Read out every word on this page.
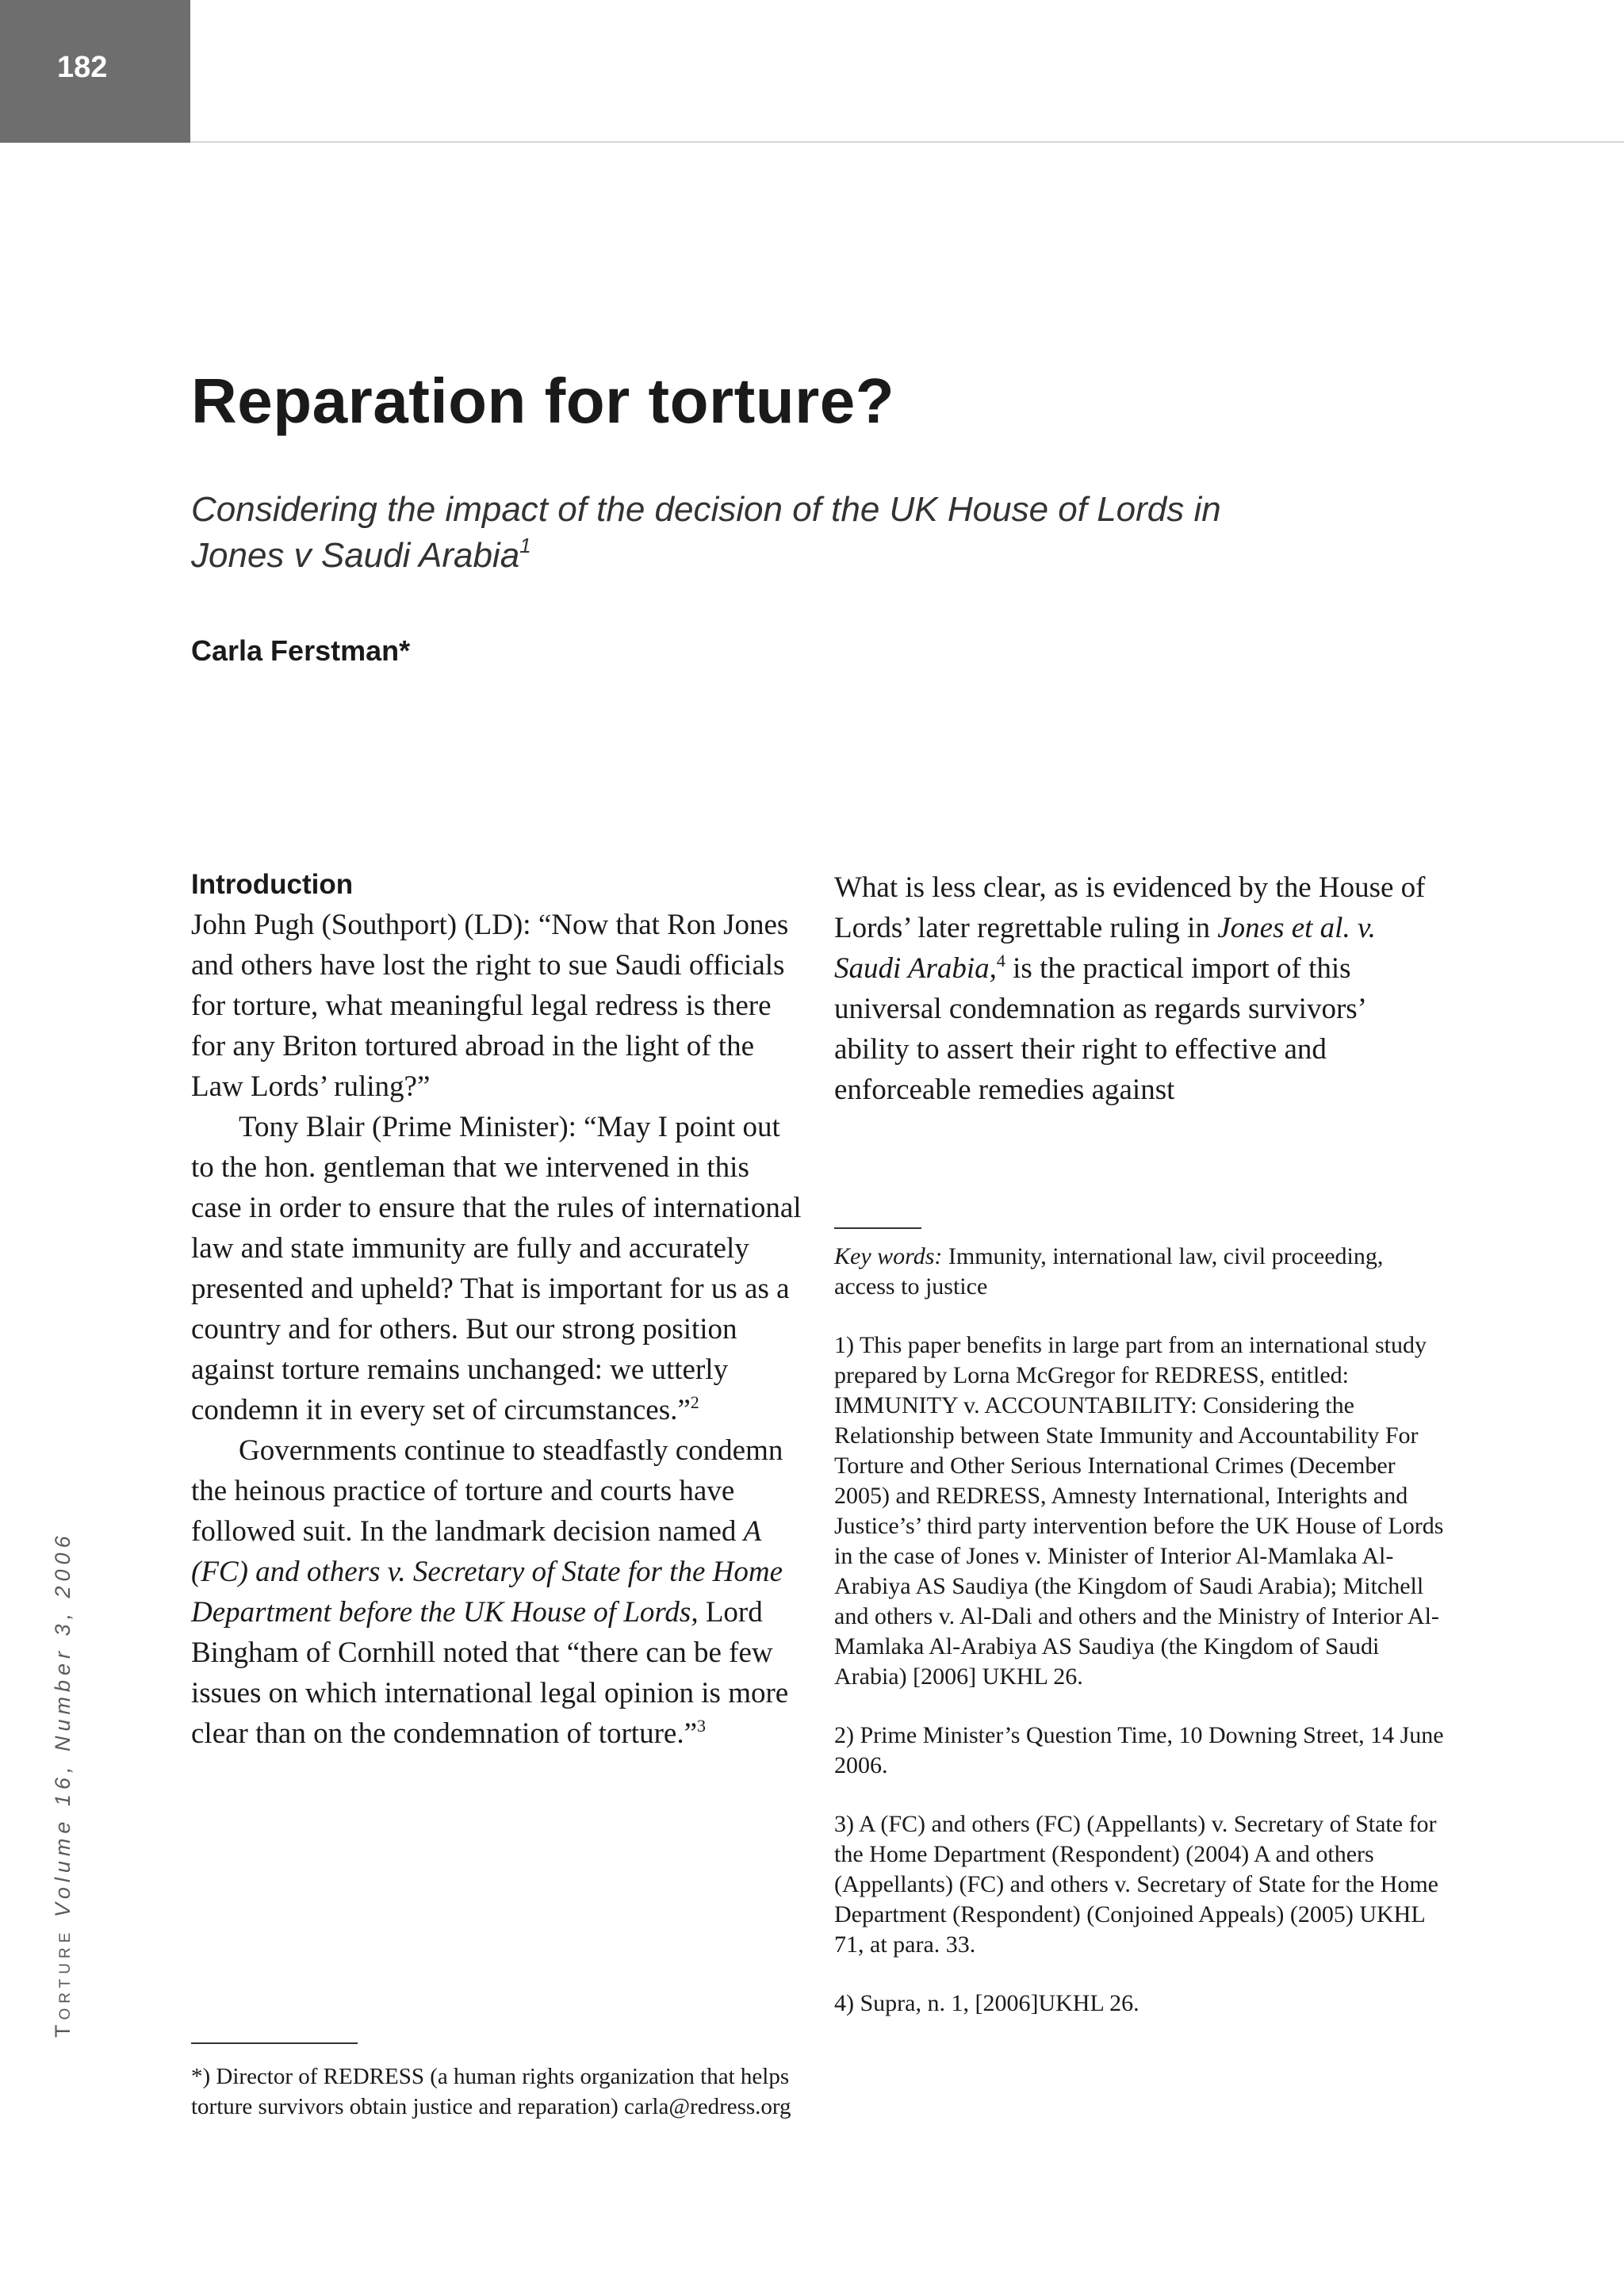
182
Torture Volume 16, Number 3, 2006
Reparation for torture?

Considering the impact of the decision of the UK House of Lords in Jones v Saudi Arabia$^1$

Carla Ferstman*
Introduction

John Pugh (Southport) (LD): “Now that Ron Jones and others have lost the right to sue Saudi officials for torture, what meaningful legal redress is there for any Briton tortured abroad in the light of the Law Lords’ ruling?”

Tony Blair (Prime Minister): “May I point out to the hon. gentleman that we intervened in this case in order to ensure that the rules of international law and state immunity are fully and accurately presented and upheld? That is important for us as a country and for others. But our strong position against torture remains unchanged: we utterly condemn it in every set of circumstances.”$^2$

Governments continue to steadfastly condemn the heinous practice of torture and courts have followed suit. In the landmark decision named A (FC) and others v. Secretary of State for the Home Department before the UK House of Lords, Lord Bingham of Cornhill noted that “there can be few issues on which international legal opinion is more clear than on the condemnation of torture.”$^3$

What is less clear, as is evidenced by the House of Lords’ later regrettable ruling in Jones et al. v. Saudi Arabia,$^4$ is the practical import of this universal condemnation as regards survivors’ ability to assert their right to effective and enforceable remedies against

Key words: Immunity, international law, civil proceeding, access to justice

1) This paper benefits in large part from an international study prepared by Lorna McGregor for REDRESS, entitled: IMMUNITY v. ACCOUNTABILITY: Considering the Relationship between State Immunity and Accountability For Torture and Other Serious International Crimes (December 2005) and REDRESS, Amnesty International, Interights and Justice’s’ third party intervention before the UK House of Lords in the case of Jones v. Minister of Interior Al-Mamlaka Al-Arabiya AS Saudiya (the Kingdom of Saudi Arabia); Mitchell and others v. Al-Dali and others and the Ministry of Interior Al-Mamlaka Al-Arabiya AS Saudiya (the Kingdom of Saudi Arabia) [2006] UKHL 26.

2) Prime Minister’s Question Time, 10 Downing Street, 14 June 2006.

3) A (FC) and others (FC) (Appellants) v. Secretary of State for the Home Department (Respondent) (2004) A and others (Appellants) (FC) and others v. Secretary of State for the Home Department (Respondent) (Conjoined Appeals) (2005) UKHL 71, at para. 33.

4) Supra, n. 1, [2006]UKHL 26.

*) Director of REDRESS (a human rights organization that helps torture survivors obtain justice and reparation) carla@redress.org
